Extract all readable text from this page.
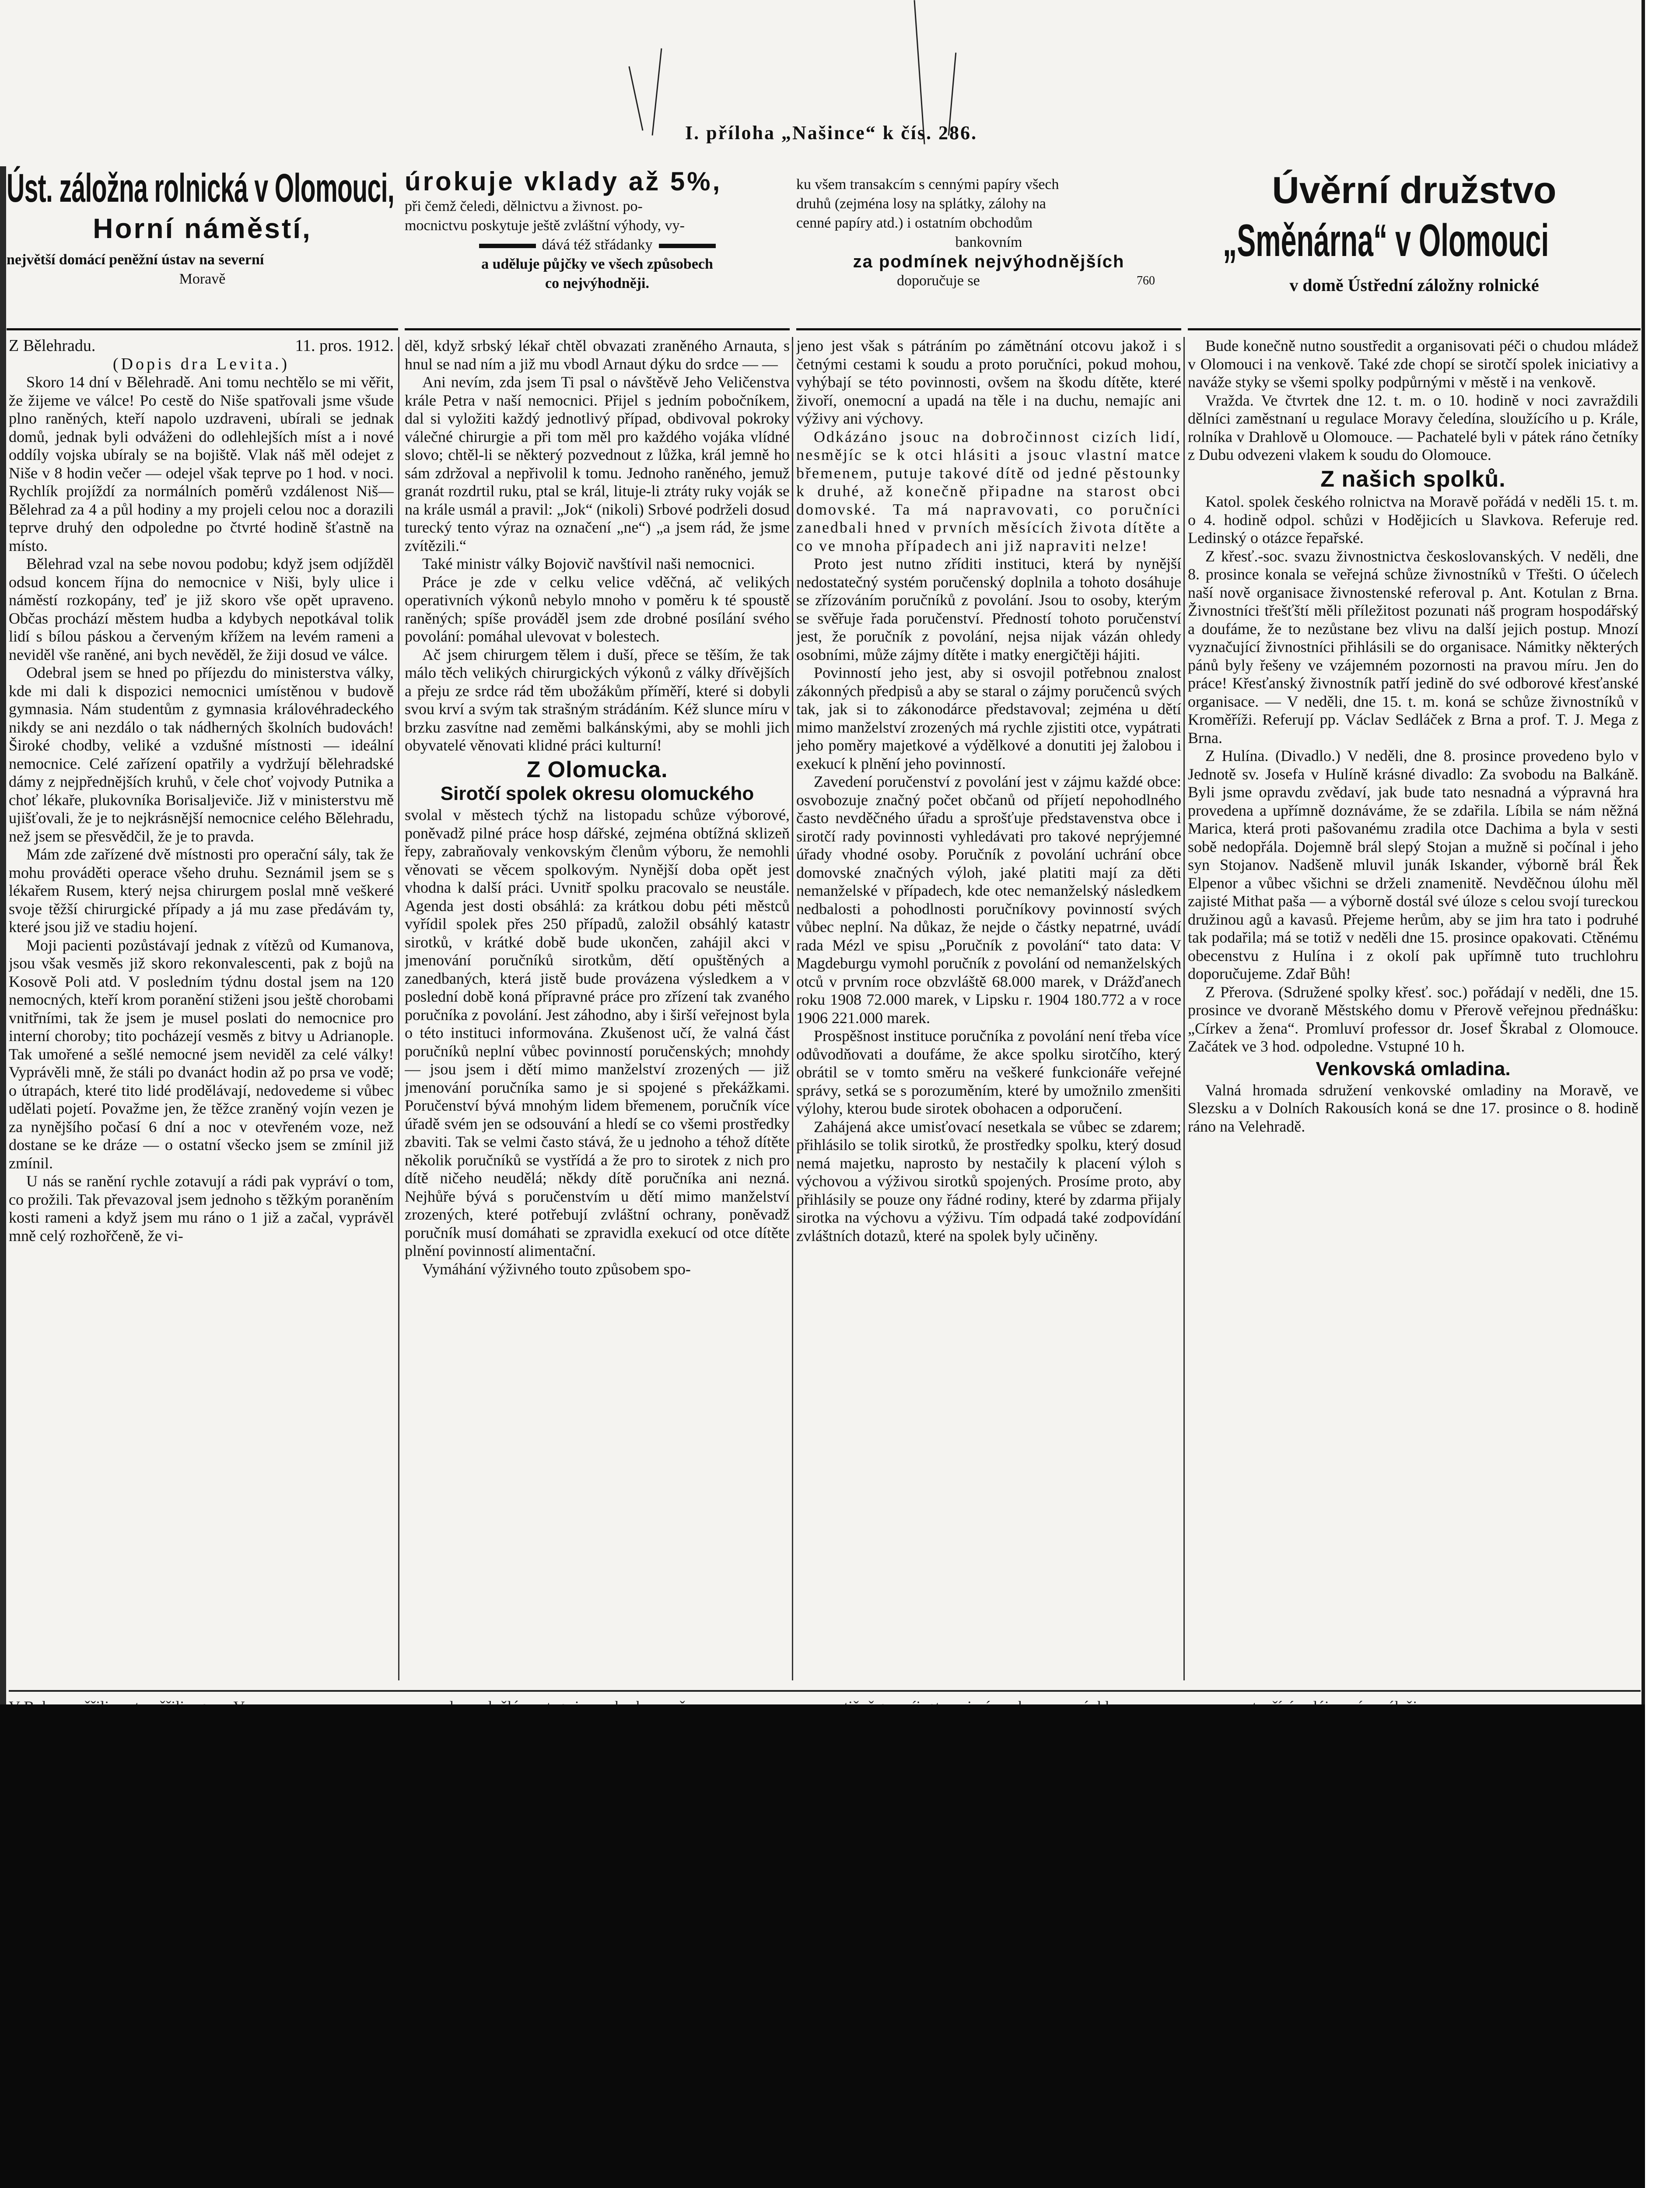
I. příloha „Našince“ k čís. 286.
Úst. záložna rolnická v Olomouci,
Horní náměstí,
největší domácí peněžní ústav na severní
Moravě
úrokuje vklady až 5%,
při čemž čeledi, dělnictvu a živnost. po-
mocnictvu poskytuje ještě zvláštní výhody, vy-
dává též střádanky
a uděluje půjčky ve všech způsobech
co nejvýhodněji.
ku všem transakcím s cennými papíry všech
druhů (zejména losy na splátky, zálohy na
cenné papíry atd.) i ostatním obchodům
bankovním
za podmínek nejvýhodnějších
doporučuje se	760
Úvěrní družstvo
„Směnárna“ v Olomouci
v domě Ústřední záložny rolnické

Z Bělehradu.	11. pros. 1912.

(Dopis dra Levita.)

Skoro 14 dní v Bělehradě. Ani tomu nechtělo se mi věřit, že žijeme ve válce! Po cestě do Niše spatřovali jsme všude plno raněných, kteří napolo uzdraveni, ubírali se jednak domů, jednak byli odváženi do odlehlejších míst a i nové oddíly vojska ubíraly se na bojiště. Vlak náš měl odejet z Niše v 8 hodin večer — odejel však teprve po 1 hod. v noci. Rychlík projíždí za normálních poměrů vzdálenost Niš—Bělehrad za 4 a půl hodiny a my projeli celou noc a dorazili teprve druhý den odpoledne po čtvrté hodině šťastně na místo.

Bělehrad vzal na sebe novou podobu; když jsem odjížděl odsud koncem října do nemocnice v Niši, byly ulice i náměstí rozkopány, teď je již skoro vše opět upraveno. Občas prochází městem hudba a kdybych nepotkával tolik lidí s bílou páskou a červeným křížem na levém rameni a neviděl vše raněné, ani bych nevěděl, že žiji dosud ve válce.

Odebral jsem se hned po příjezdu do ministerstva války, kde mi dali k dispozici nemocnici umístěnou v budově gymnasia. Nám studentům z gymnasia královéhradeckého nikdy se ani nezdálo o tak nádherných školních budovách! Široké chodby, veliké a vzdušné místnosti — ideální nemocnice. Celé zařízení opatřily a vydržují bělehradské dámy z nejpřednějších kruhů, v čele choť vojvody Putnika a choť lékaře, plukovníka Borisaljeviče. Již v ministerstvu mě ujišťovali, že je to nejkrásnější nemocnice celého Bělehradu, než jsem se přesvědčil, že je to pravda.

Mám zde zařízené dvě místnosti pro operační sály, tak že mohu prováděti operace všeho druhu. Seznámil jsem se s lékařem Rusem, který nejsa chirurgem poslal mně veškeré svoje těžší chirurgické případy a já mu zase předávám ty, které jsou již ve stadiu hojení.

Moji pacienti pozůstávají jednak z vítězů od Kumanova, jsou však vesměs již skoro rekonvalescenti, pak z bojů na Kosově Poli atd. V posledním týdnu dostal jsem na 120 nemocných, kteří krom poranění stiženi jsou ještě chorobami vnitřními, tak že jsem je musel poslati do nemocnice pro interní choroby; tito pocházejí vesměs z bitvy u Adrianople. Tak umořené a sešlé nemocné jsem neviděl za celé války! Vyprávěli mně, že stáli po dvanáct hodin až po prsa ve vodě; o útrapách, které tito lidé prodělávají, nedovedeme si vůbec udělati pojetí. Považme jen, že těžce zraněný vojín vezen je za nynějšího počasí 6 dní a noc v otevřeném voze, než dostane se ke dráze — o ostatní všecko jsem se zmínil již zmínil.

U nás se ranění rychle zotavují a rádi pak vypráví o tom, co prožili. Tak převazoval jsem jednoho s těžkým poraněním kosti rameni a když jsem mu ráno o 1 již a začal, vyprávěl mně celý rozhořčeně, že vi-

děl, když srbský lékař chtěl obvazati zraněného Arnauta, s hnul se nad ním a již mu vbodl Arnaut dýku do srdce — —

Ani nevím, zda jsem Ti psal o návštěvě Jeho Veličenstva krále Petra v naší nemocnici. Přijel s jedním pobočníkem, dal si vyložiti každý jednotlivý případ, obdivoval pokroky válečné chirurgie a při tom měl pro každého vojáka vlídné slovo; chtěl-li se některý pozvednout z lůžka, král jemně ho sám zdržoval a nepřivolil k tomu. Jednoho raněného, jemuž granát rozdrtil ruku, ptal se král, lituje-li ztráty ruky voják se na krále usmál a pravil: „Jok“ (nikoli) Srbové podrželi dosud turecký tento výraz na označení „ne“) „a jsem rád, že jsme zvítězili.“

Také ministr války Bojovič navštívil naši nemocnici.

Práce je zde v celku velice vděčná, ač velikých operativních výkonů nebylo mnoho v poměru k té spoustě raněných; spíše prováděl jsem zde drobné posílání svého povolání: pomáhal ulevovat v bolestech.

Ač jsem chirurgem tělem i duší, přece se těším, že tak málo těch velikých chirurgických výkonů z války dřívějších a přeju ze srdce rád těm ubožákům příměří, které si dobyli svou krví a svým tak strašným strádáním. Kéž slunce míru v brzku zasvítne nad zeměmi balkánskými, aby se mohli jich obyvatelé věnovati klidné práci kulturní!

Z Olomucka.
Sirotčí spolek okresu olomuckého

svolal v městech týchž na listopadu schůze výborové, poněvadž pilné práce hosp dářské, zejména obtížná sklizeň řepy, zabraňovaly venkovským členům výboru, že nemohli věnovati se věcem spolkovým. Nynější doba opět jest vhodna k další práci. Uvnitř spolku pracovalo se neustále. Agenda jest dosti obsáhlá: za krátkou dobu péti městců vyřídil spolek přes 250 případů, založil obsáhlý katastr sirotků, v krátké době bude ukončen, zahájil akci v jmenování poručníků sirotkům, dětí opuštěných a zanedbaných, která jistě bude provázena výsledkem a v poslední době koná přípravné práce pro zřízení tak zvaného poručníka z povolání. Jest záhodno, aby i širší veřejnost byla o této instituci informována. Zkušenost učí, že valná část poručníků neplní vůbec povinností poručenských; mnohdy — jsou jsem i dětí mimo manželství zrozených — již jmenování poručníka samo je si spojené s překážkami. Poručenství bývá mnohým lidem břemenem, poručník více úřadě svém jen se odsouvání a hledí se co všemi prostředky zbaviti. Tak se velmi často stává, že u jednoho a téhož dítěte několik poručníků se vystřídá a že pro to sirotek z nich pro dítě ničeho neudělá; někdy dítě poručníka ani nezná. Nejhůře bývá s poručenstvím u dětí mimo manželství zrozených, které potřebují zvláštní ochrany, poněvadž poručník musí domáhati se zpravidla exekucí od otce dítěte plnění povinností alimentační.

Vymáhání výživného touto způsobem spo-

jeno jest však s pátráním po zámětnání otcovu jakož i s četnými cestami k soudu a proto poručníci, pokud mohou, vyhýbají se této povinnosti, ovšem na škodu dítěte, které živoří, onemocní a upadá na těle i na duchu, nemajíc ani výživy ani výchovy.

Odkázáno jsouc na dobročinnost cizích lidí, nesmějíc se k otci hlásiti a jsouc vlastní matce břemenem, putuje takové dítě od jedné pěstounky k druhé, až konečně připadne na starost obci domovské. Ta má napravovati, co poručníci zanedbali hned v prvních měsících života dítěte a co ve mnoha případech ani již napraviti nelze!

Proto jest nutno zříditi instituci, která by nynější nedostatečný systém poručenský doplnila a tohoto dosáhuje se zřízováním poručníků z povolání. Jsou to osoby, kterým se svěřuje řada poručenství. Předností tohoto poručenství jest, že poručník z povolání, nejsa nijak vázán ohledy osobními, může zájmy dítěte i matky energičtěji hájiti.

Povinností jeho jest, aby si osvojil potřebnou znalost zákonných předpisů a aby se staral o zájmy poručenců svých tak, jak si to zákonodárce představoval; zejména u dětí mimo manželství zrozených má rychle zjistiti otce, vypátrati jeho poměry majetkové a výdělkové a donutiti jej žalobou i exekucí k plnění jeho povinností.

Zavedení poručenství z povolání jest v zájmu každé obce: osvobozuje značný počet občanů od příjetí nepohodlného často nevděčného úřadu a sprošťuje představenstva obce i sirotčí rady povinnosti vyhledávati pro takové neprýjemné úřady vhodné osoby. Poručník z povolání uchrání obce domovské značných výloh, jaké platiti mají za děti nemanželské v případech, kde otec nemanželský následkem nedbalosti a pohodlnosti poručníkovy povinností svých vůbec neplní. Na důkaz, že nejde o částky nepatrné, uvádí rada Mézl ve spisu „Poručník z povolání“ tato data: V Magdeburgu vymohl poručník z povolání od nemanželských otců v prvním roce obzvláště 68.000 marek, v Drážďanech roku 1908 72.000 marek, v Lipsku r. 1904 180.772 a v roce 1906 221.000 marek.

Prospěšnost instituce poručníka z povolání není třeba více odůvodňovati a doufáme, že akce spolku sirotčího, který obrátil se v tomto směru na veškeré funkcionáře veřejné správy, setká se s porozuměním, které by umožnilo zmenšiti výlohy, kterou bude sirotek obohacen a odporučení.

Zahájená akce umisťovací nesetkala se vůbec se zdarem; přihlásilo se tolik sirotků, že prostředky spolku, který dosud nemá majetku, naprosto by nestačily k placení výloh s výchovou a výživou sirotků spojených. Prosíme proto, aby přihlásily se pouze ony řádné rodiny, které by zdarma přijaly sirotka na výchovu a výživu. Tím odpadá také zodpovídání zvláštních dotazů, které na spolek byly učiněny.

Bude konečně nutno soustředit a organisovati péči o chudou mládež v Olomouci i na venkově. Také zde chopí se sirotčí spolek iniciativy a naváže styky se všemi spolky podpůrnými v městě i na venkově.

Vražda. Ve čtvrtek dne 12. t. m. o 10. hodině v noci zavraždili dělníci zaměstnaní u regulace Moravy čeledína, sloužícího u p. Krále, rolníka v Drahlově u Olomouce. — Pachatelé byli v pátek ráno četníky z Dubu odvezeni vlakem k soudu do Olomouce.

Z našich spolků.

Katol. spolek českého rolnictva na Moravě pořádá v neděli 15. t. m. o 4. hodině odpol. schůzi v Hodějicích u Slavkova. Referuje red. Ledinský o otázce řepařské.

Z křesť.-soc. svazu živnostnictva českoslovanských. V neděli, dne 8. prosince konala se veřejná schůze živnostníků v Třešti. O účelech naší nově organisace živnostenské referoval p. Ant. Kotulan z Brna. Živnostníci třešťští měli příležitost pozunati náš program hospodářský a doufáme, že to nezůstane bez vlivu na další jejich postup. Mnozí vyznačující živnostníci přihlásili se do organisace. Námitky některých pánů byly řešeny ve vzájemném pozornosti na pravou míru. Jen do práce! Křesťanský živnostník patří jedině do své odborové křesťanské organisace. — V neděli, dne 15. t. m. koná se schůze živnostníků v Kroměříži. Referují pp. Václav Sedláček z Brna a prof. T. J. Mega z Brna.

Z Hulína. (Divadlo.) V neděli, dne 8. prosince provedeno bylo v Jednotě sv. Josefa v Hulíně krásné divadlo: Za svobodu na Balkáně. Byli jsme opravdu zvědaví, jak bude tato nesnadná a výpravná hra provedena a upřímně doznáváme, že se zdařila. Líbila se nám něžná Marica, která proti pašovanému zradila otce Dachima a byla v sesti sobě nedopřála. Dojemně brál slepý Stojan a mužně si počínal i jeho syn Stojanov. Nadšeně mluvil junák Iskander, výborně brál Řek Elpenor a vůbec všichni se drželi znamenitě. Nevděčnou úlohu měl zajisté Mithat paša — a výborně dostál své úloze s celou svojí tureckou družinou agů a kavasů. Přejeme herům, aby se jim hra tato i podruhé tak podařila; má se totiž v neděli dne 15. prosince opakovati. Ctěnému obecenstvu z Hulína i z okolí pak upřímně tuto truchlohru doporučujeme. Zdař Bůh!

Z Přerova. (Sdružené spolky křesť. soc.) pořádají v neděli, dne 15. prosince ve dvoraně Městského domu v Přerově veřejnou přednášku: „Církev a žena“. Promluví professor dr. Josef Škrabal z Olomouce. Začátek ve 3 hod. odpoledne. Vstupné 10 h.

Venkovská omladina.

Valná hromada sdružení venkovské omladiny na Moravě, ve Slezsku a v Dolních Rakousích koná se dne 17. prosince o 8. hodině ráno na Velehradě.
